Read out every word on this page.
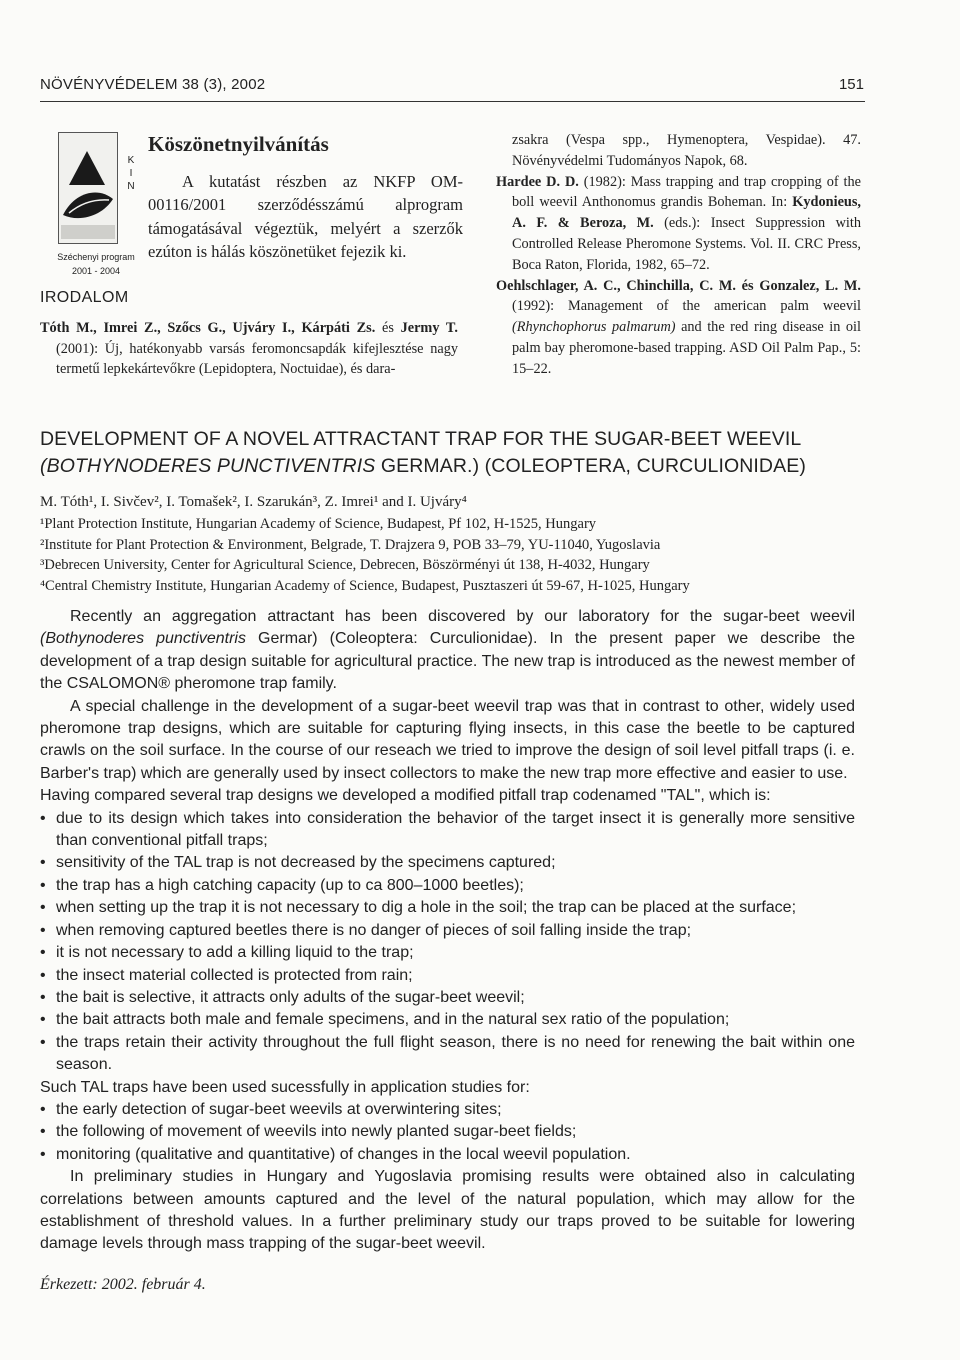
NÖVÉNYVÉDELEM 38 (3), 2002	151
K I N
Széchenyi program
2001 - 2004
Köszönetnyilvánítás

A kutatást részben az NKFP OM-00116/2001 szerződésszámú alprogram támogatásával végeztük, melyért a szerzők ezúton is hálás köszönetüket fejezik ki.

IRODALOM

Tóth M., Imrei Z., Szőcs G., Ujváry I., Kárpáti Zs. és Jermy T. (2001): Új, hatékonyabb varsás feromoncsapdák kifejlesztése nagy termetű lepkekártevőkre (Lepidoptera, Noctuidae), és dara-

zsakra (Vespa spp., Hymenoptera, Vespidae). 47. Növényvédelmi Tudományos Napok, 68.

Hardee D. D. (1982): Mass trapping and trap cropping of the boll weevil Anthonomus grandis Boheman. In: Kydonieus, A. F. & Beroza, M. (eds.): Insect Suppression with Controlled Release Pheromone Systems. Vol. II. CRC Press, Boca Raton, Florida, 1982, 65–72.

Oehlschlager, A. C., Chinchilla, C. M. és Gonzalez, L. M. (1992): Management of the american palm weevil (Rhynchophorus palmarum) and the red ring disease in oil palm bay pheromone-based trapping. ASD Oil Palm Pap., 5: 15–22.

DEVELOPMENT OF A NOVEL ATTRACTANT TRAP FOR THE SUGAR-BEET WEEVIL
(BOTHYNODERES PUNCTIVENTRIS GERMAR.) (COLEOPTERA, CURCULIONIDAE)
M. Tóth¹, I. Sivčev², I. Tomašek², I. Szarukán³, Z. Imrei¹ and I. Ujváry⁴

¹Plant Protection Institute, Hungarian Academy of Science, Budapest, Pf 102, H-1525, Hungary

²Institute for Plant Protection & Environment, Belgrade, T. Drajzera 9, POB 33–79, YU-11040, Yugoslavia

³Debrecen University, Center for Agricultural Science, Debrecen, Böszörményi út 138, H-4032, Hungary

⁴Central Chemistry Institute, Hungarian Academy of Science, Budapest, Pusztaszeri út 59-67, H-1025, Hungary

Recently an aggregation attractant has been discovered by our laboratory for the sugar-beet weevil (Bothynoderes punctiventris Germar) (Coleoptera: Curculionidae). In the present paper we describe the development of a trap design suitable for agricultural practice. The new trap is introduced as the newest member of the CSALOMON® pheromone trap family.

A special challenge in the development of a sugar-beet weevil trap was that in contrast to other, widely used pheromone trap designs, which are suitable for capturing flying insects, in this case the beetle to be captured crawls on the soil surface. In the course of our reseach we tried to improve the design of soil level pitfall traps (i. e. Barber's trap) which are generally used by insect collectors to make the new trap more effective and easier to use.

Having compared several trap designs we developed a modified pitfall trap codenamed "TAL", which is:

• due to its design which takes into consideration the behavior of the target insect it is generally more sensitive than conventional pitfall traps;
• sensitivity of the TAL trap is not decreased by the specimens captured;
• the trap has a high catching capacity (up to ca 800–1000 beetles);
• when setting up the trap it is not necessary to dig a hole in the soil; the trap can be placed at the surface;
• when removing captured beetles there is no danger of pieces of soil falling inside the trap;
• it is not necessary to add a killing liquid to the trap;
• the insect material collected is protected from rain;
• the bait is selective, it attracts only adults of the sugar-beet weevil;
• the bait attracts both male and female specimens, and in the natural sex ratio of the population;
• the traps retain their activity throughout the full flight season, there is no need for renewing the bait within one season.

Such TAL traps have been used sucessfully in application studies for:

• the early detection of sugar-beet weevils at overwintering sites;
• the following of movement of weevils into newly planted sugar-beet fields;
• monitoring (qualitative and quantitative) of changes in the local weevil population.

In preliminary studies in Hungary and Yugoslavia promising results were obtained also in calculating correlations between amounts captured and the level of the natural population, which may allow for the establishment of threshold values. In a further preliminary study our traps proved to be suitable for lowering damage levels through mass trapping of the sugar-beet weevil.

Érkezett: 2002. február 4.
